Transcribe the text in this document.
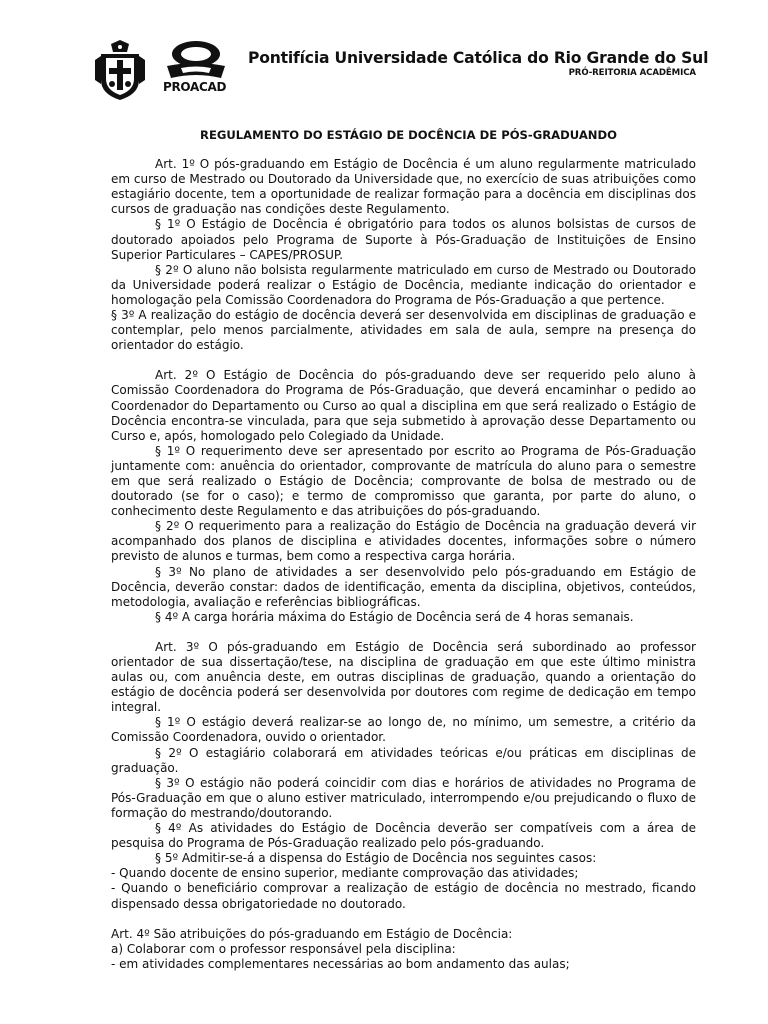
PROACAD
Pontifícia Universidade Católica do Rio Grande do Sul
PRÓ-REITORIA ACADÊMICA
REGULAMENTO DO ESTÁGIO DE DOCÊNCIA DE PÓS-GRADUANDO

Art. 1º O pós-graduando em Estágio de Docência é um aluno regularmente matriculado em curso de Mestrado ou Doutorado da Universidade que, no exercício de suas atribuições como estagiário docente, tem a oportunidade de realizar formação para a docência em disciplinas dos cursos de graduação nas condições deste Regulamento.

§ 1º O Estágio de Docência é obrigatório para todos os alunos bolsistas de cursos de doutorado apoiados pelo Programa de Suporte à Pós-Graduação de Instituições de Ensino Superior Particulares – CAPES/PROSUP.

§ 2º O aluno não bolsista regularmente matriculado em curso de Mestrado ou Doutorado da Universidade poderá realizar o Estágio de Docência, mediante indicação do orientador e homologação pela Comissão Coordenadora do Programa de Pós-Graduação a que pertence.

§ 3º A realização do estágio de docência deverá ser desenvolvida em disciplinas de graduação e contemplar, pelo menos parcialmente, atividades em sala de aula, sempre na presença do orientador do estágio.

Art. 2º O Estágio de Docência do pós-graduando deve ser requerido pelo aluno à Comissão Coordenadora do Programa de Pós-Graduação, que deverá encaminhar o pedido ao Coordenador do Departamento ou Curso ao qual a disciplina em que será realizado o Estágio de Docência encontra-se vinculada, para que seja submetido à aprovação desse Departamento ou Curso e, após, homologado pelo Colegiado da Unidade.

§ 1º O requerimento deve ser apresentado por escrito ao Programa de Pós-Graduação juntamente com: anuência do orientador, comprovante de matrícula do aluno para o semestre em que será realizado o Estágio de Docência; comprovante de bolsa de mestrado ou de doutorado (se for o caso); e termo de compromisso que garanta, por parte do aluno, o conhecimento deste Regulamento e das atribuições do pós-graduando.

§ 2º O requerimento para a realização do Estágio de Docência na graduação deverá vir acompanhado dos planos de disciplina e atividades docentes, informações sobre o número previsto de alunos e turmas, bem como a respectiva carga horária.

§ 3º No plano de atividades a ser desenvolvido pelo pós-graduando em Estágio de Docência, deverão constar: dados de identificação, ementa da disciplina, objetivos, conteúdos, metodologia, avaliação e referências bibliográficas.

§ 4º A carga horária máxima do Estágio de Docência será de 4 horas semanais.

Art. 3º O pós-graduando em Estágio de Docência será subordinado ao professor orientador de sua dissertação/tese, na disciplina de graduação em que este último ministra aulas ou, com anuência deste, em outras disciplinas de graduação, quando a orientação do estágio de docência poderá ser desenvolvida por doutores com regime de dedicação em tempo integral.

§ 1º O estágio deverá realizar-se ao longo de, no mínimo, um semestre, a critério da Comissão Coordenadora, ouvido o orientador.

§ 2º O estagiário colaborará em atividades teóricas e/ou práticas em disciplinas de graduação.

§ 3º O estágio não poderá coincidir com dias e horários de atividades no Programa de Pós-Graduação em que o aluno estiver matriculado, interrompendo e/ou prejudicando o fluxo de formação do mestrando/doutorando.

§ 4º As atividades do Estágio de Docência deverão ser compatíveis com a área de pesquisa do Programa de Pós-Graduação realizado pelo pós-graduando.

§ 5º Admitir-se-á a dispensa do Estágio de Docência nos seguintes casos:

- Quando docente de ensino superior, mediante comprovação das atividades;

- Quando o beneficiário comprovar a realização de estágio de docência no mestrado, ficando dispensado dessa obrigatoriedade no doutorado.

Art. 4º São atribuições do pós-graduando em Estágio de Docência:

a) Colaborar com o professor responsável pela disciplina:

- em atividades complementares necessárias ao bom andamento das aulas;
